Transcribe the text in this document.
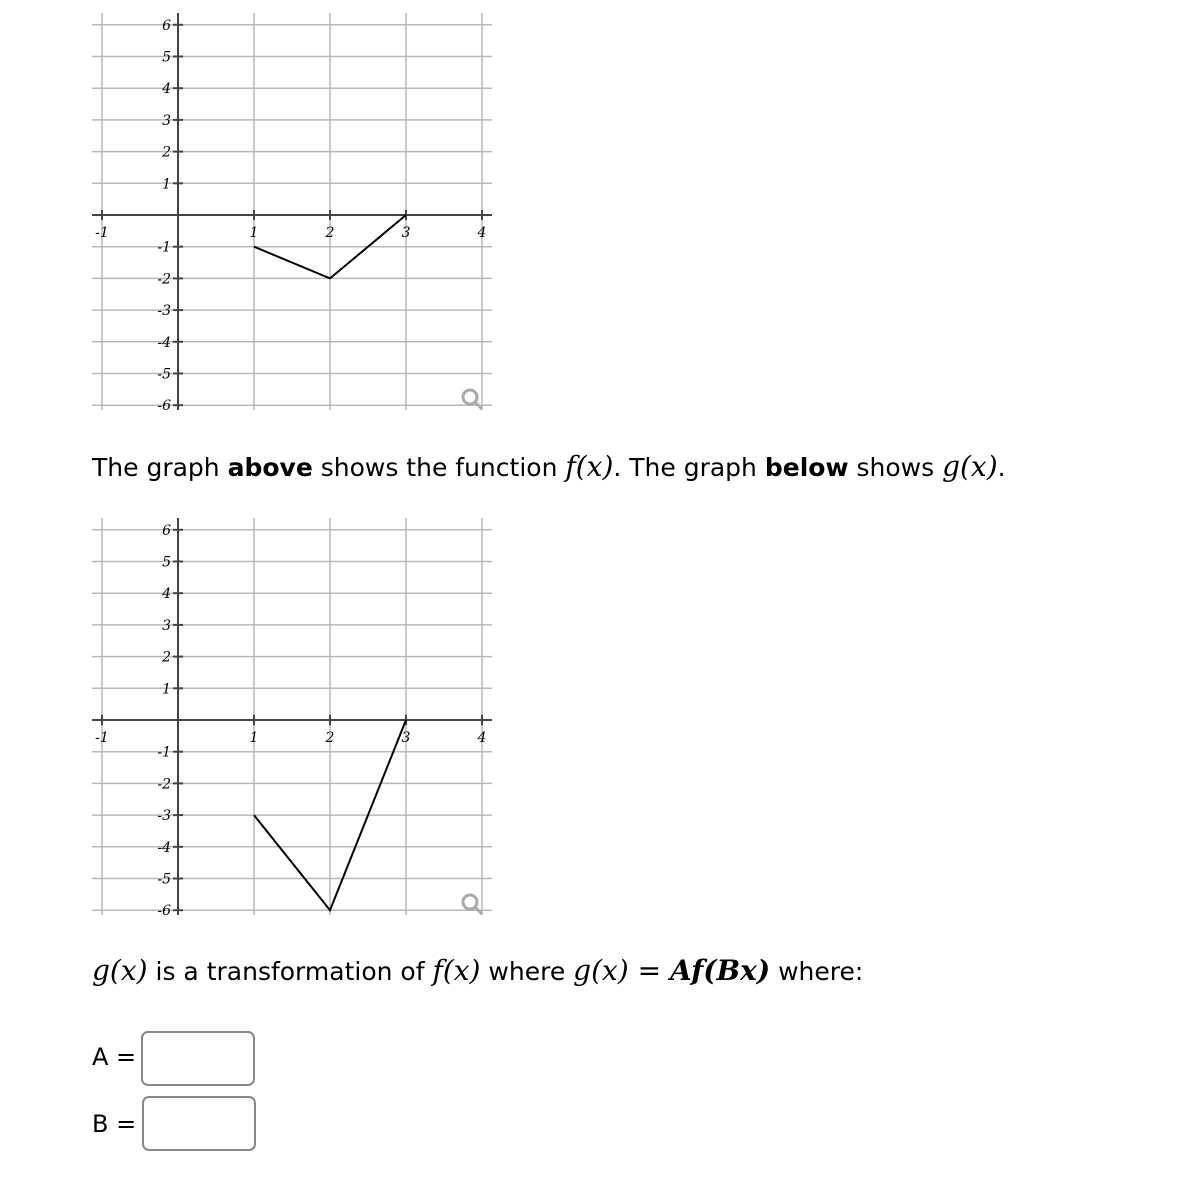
-1	1	2	3	4
6
5
4
3
2
1
-1
-2
-3
-4
-5
-6
-1	1	2	3	4
6
5
4
3
2
1
-1
-2
-3
-4
-5
-6
The graph above shows the function f(x). The graph below shows g(x).
g(x) is a transformation of f(x) where g(x) = Af(Bx) where:
A =
B =
